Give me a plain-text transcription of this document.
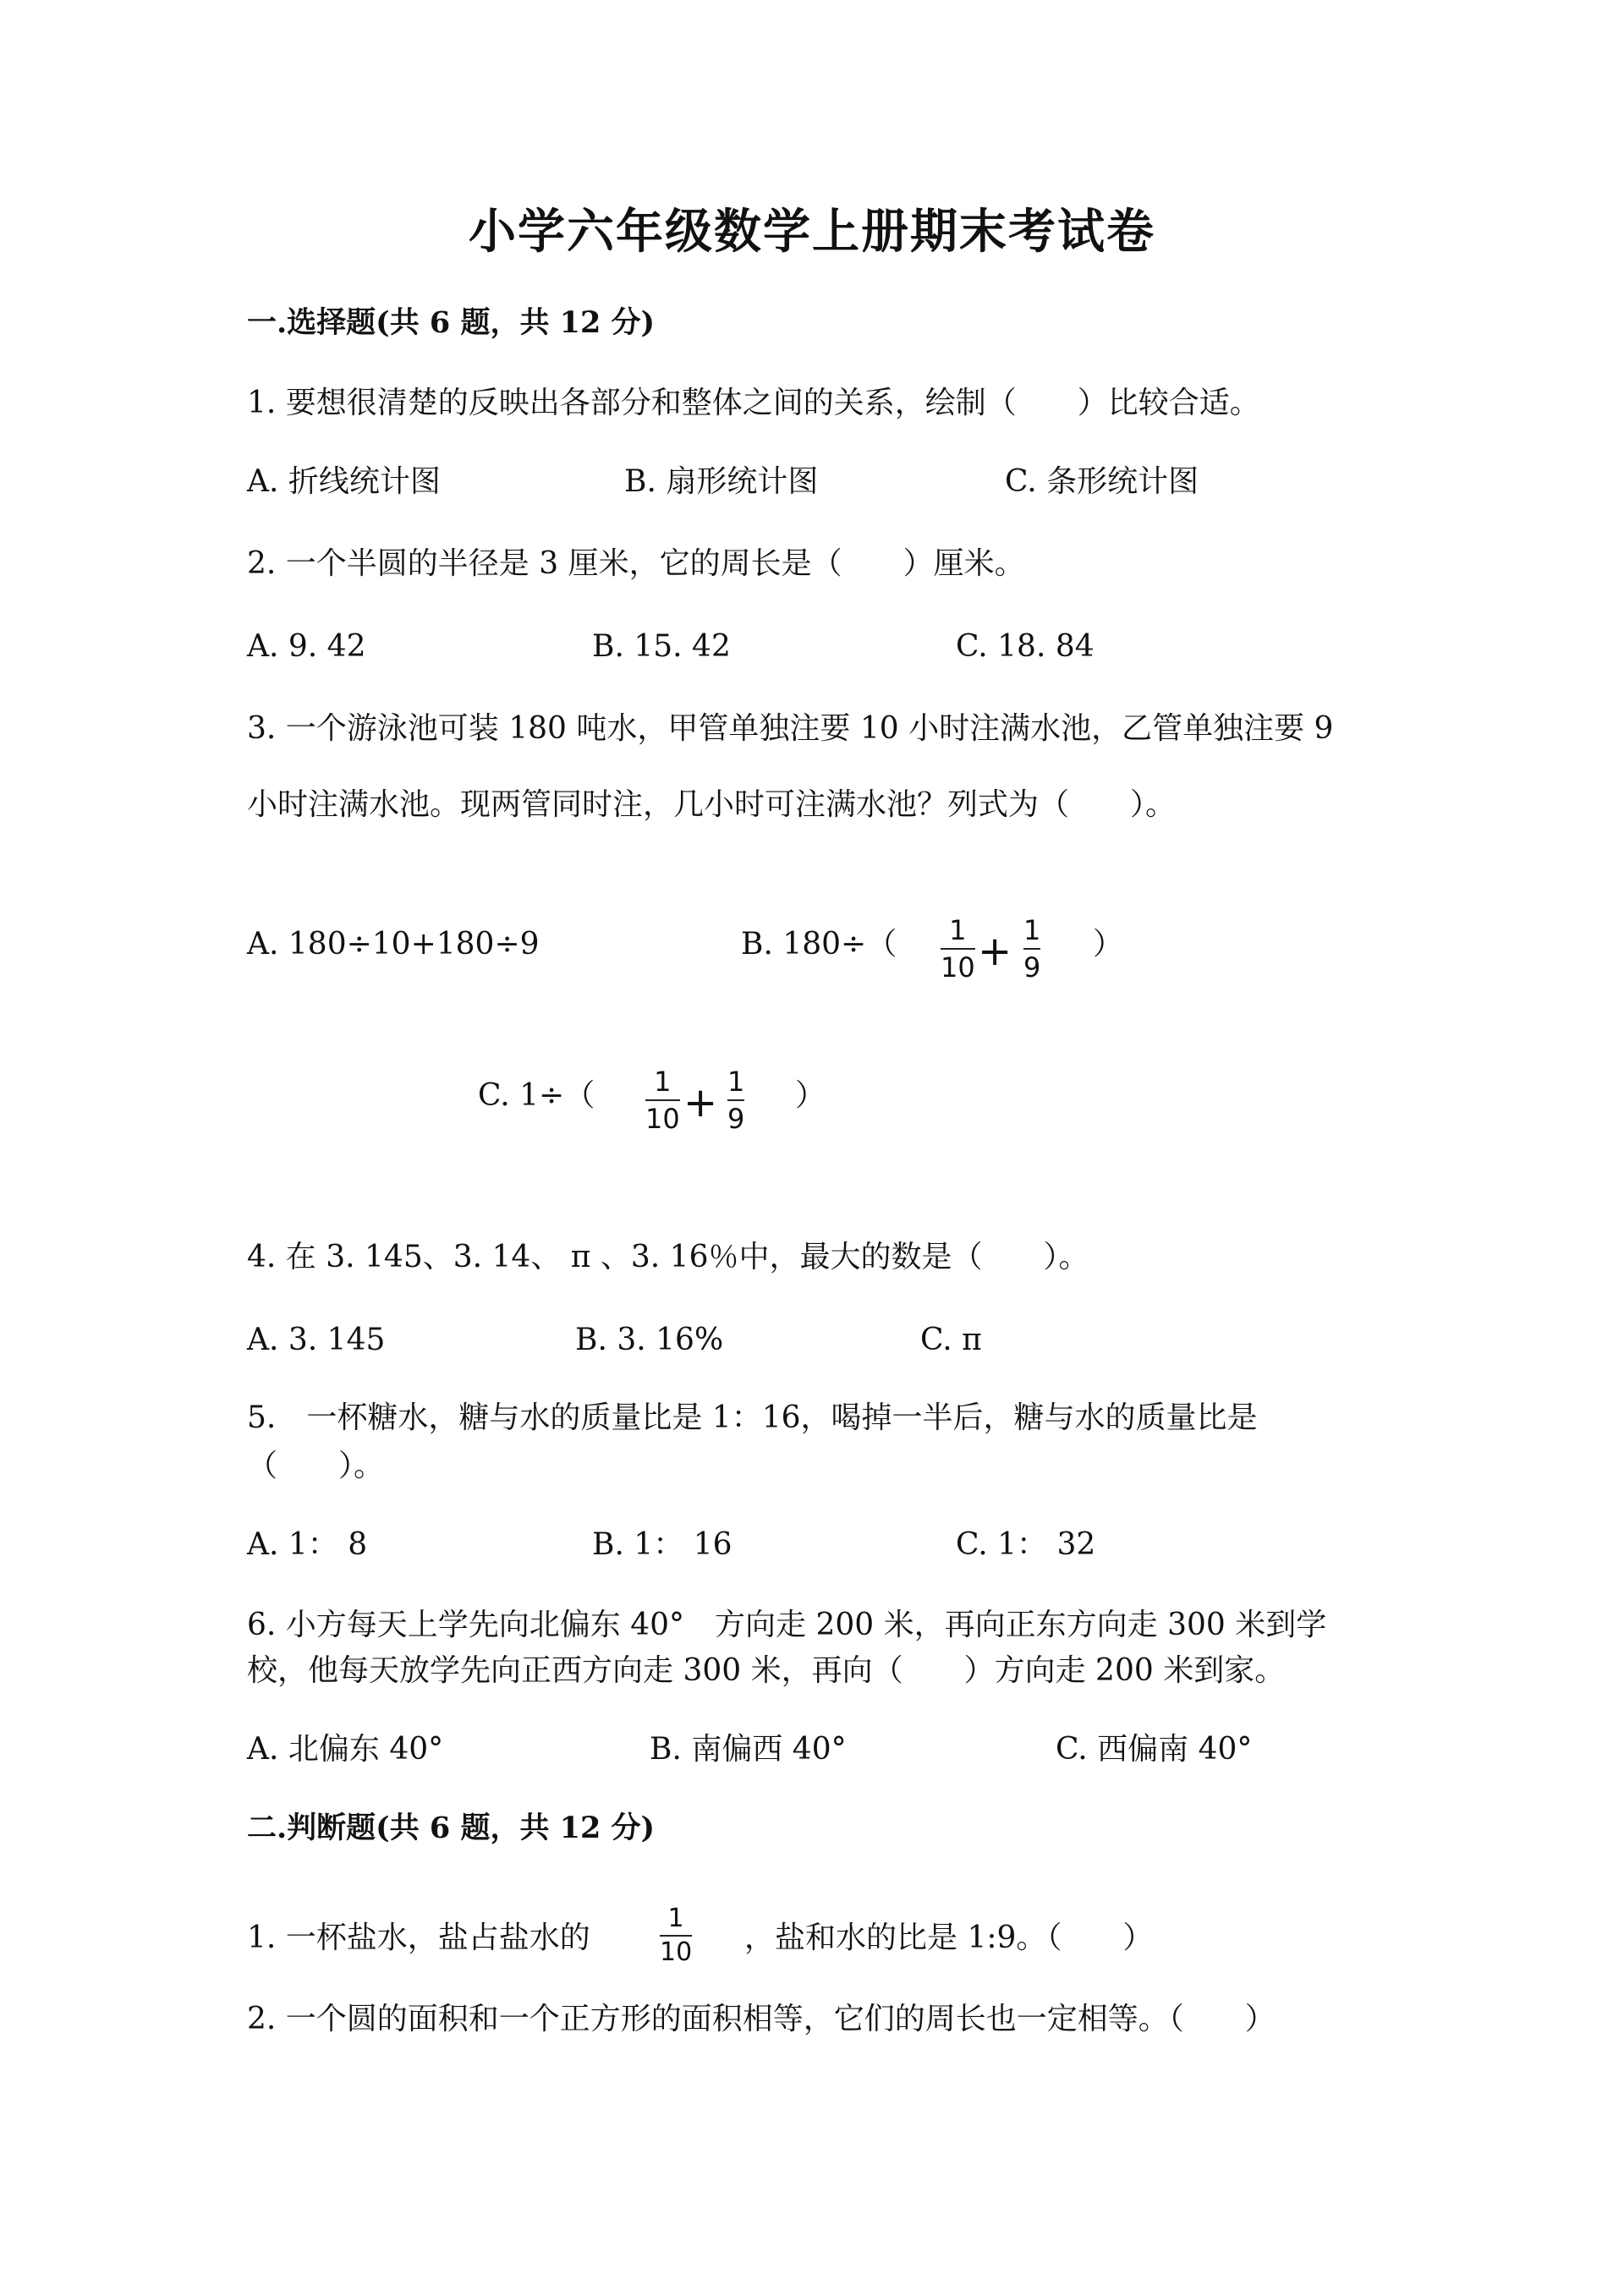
小学六年级数学上册期末考试卷
一.选择题(共 6 题，共 12 分)
1. 要想很清楚的反映出各部分和整体之间的关系，绘制（　　）比较合适。
A. 折线统计图	B. 扇形统计图	C. 条形统计图
2. 一个半圆的半径是 3 厘米，它的周长是（　　）厘米。
A. 9. 42	B. 15. 42	C. 18. 84
3. 一个游泳池可装 180 吨水，甲管单独注要 10 小时注满水池，乙管单独注要 9
小时注满水池。现两管同时注，几小时可注满水池？列式为（　　）。
A. 180÷10+180÷9	B. 180÷（ 1
10 + 1
9
）
C. 1÷（ 1
10 + 1
9
）
4. 在 3. 145、3. 14、 π 、3. 16％中，最大的数是（　　）。
A. 3. 145	B. 3. 16%	C. π
5.　一杯糖水，糖与水的质量比是 1：16，喝掉一半后，糖与水的质量比是
（　　）。
A. 1： 8	B. 1： 16	C. 1： 32
6. 小方每天上学先向北偏东 40°　方向走 200 米，再向正东方向走 300 米到学
校，他每天放学先向正西方向走 300 米，再向（　　）方向走 200 米到家。
A. 北偏东 40°	B. 南偏西 40°	C. 西偏南 40°
二.判断题(共 6 题，共 12 分)
1. 一杯盐水，盐占盐水的
1
10 ，盐和水的比是 1:9。（　　）
2. 一个圆的面积和一个正方形的面积相等，它们的周长也一定相等。（　　）
